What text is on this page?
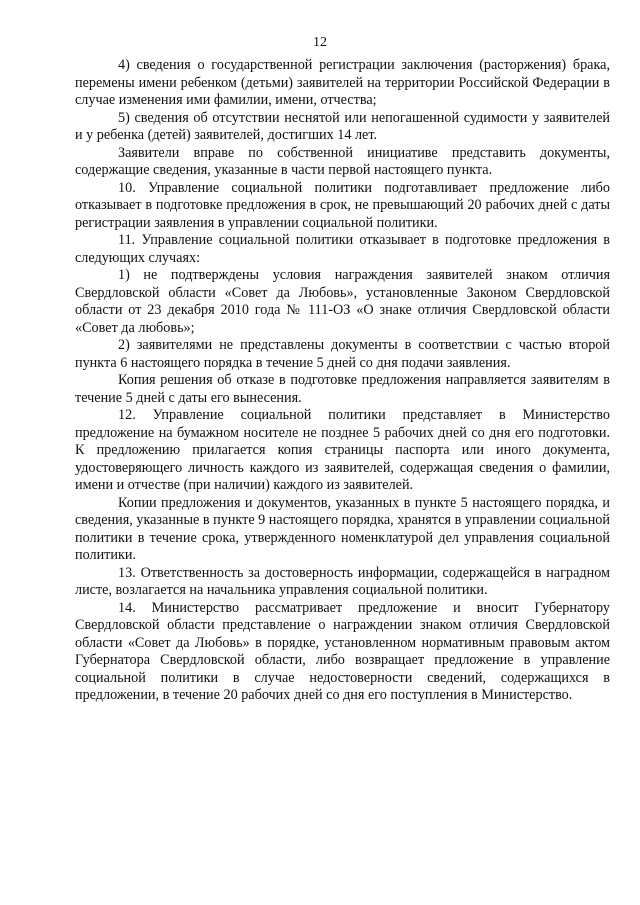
12

4) сведения о государственной регистрации заключения (расторжения) брака, перемены имени ребенком (детьми) заявителей на территории Российской Федерации в случае изменения ими фамилии, имени, отчества;

5) сведения об отсутствии неснятой или непогашенной судимости у заявителей и у ребенка (детей) заявителей, достигших 14 лет.

Заявители вправе по собственной инициативе представить документы, содержащие сведения, указанные в части первой настоящего пункта.

10. Управление социальной политики подготавливает предложение либо отказывает в подготовке предложения в срок, не превышающий 20 рабочих дней с даты регистрации заявления в управлении социальной политики.

11. Управление социальной политики отказывает в подготовке предложения в следующих случаях:

1) не подтверждены условия награждения заявителей знаком отличия Свердловской области «Совет да Любовь», установленные Законом Свердловской области от 23 декабря 2010 года № 111-ОЗ «О знаке отличия Свердловской области «Совет да любовь»;

2) заявителями не представлены документы в соответствии с частью второй пункта 6 настоящего порядка в течение 5 дней со дня подачи заявления.

Копия решения об отказе в подготовке предложения направляется заявителям в течение 5 дней с даты его вынесения.

12. Управление социальной политики представляет в Министерство предложение на бумажном носителе не позднее 5 рабочих дней со дня его подготовки. К предложению прилагается копия страницы паспорта или иного документа, удостоверяющего личность каждого из заявителей, содержащая сведения о фамилии, имени и отчестве (при наличии) каждого из заявителей.

Копии предложения и документов, указанных в пункте 5 настоящего порядка, и сведения, указанные в пункте 9 настоящего порядка, хранятся в управлении социальной политики в течение срока, утвержденного номенклатурой дел управления социальной политики.

13. Ответственность за достоверность информации, содержащейся в наградном листе, возлагается на начальника управления социальной политики.

14. Министерство рассматривает предложение и вносит Губернатору Свердловской области представление о награждении знаком отличия Свердловской области «Совет да Любовь» в порядке, установленном нормативным правовым актом Губернатора Свердловской области, либо возвращает предложение в управление социальной политики в случае недостоверности сведений, содержащихся в предложении, в течение 20 рабочих дней со дня его поступления в Министерство.
